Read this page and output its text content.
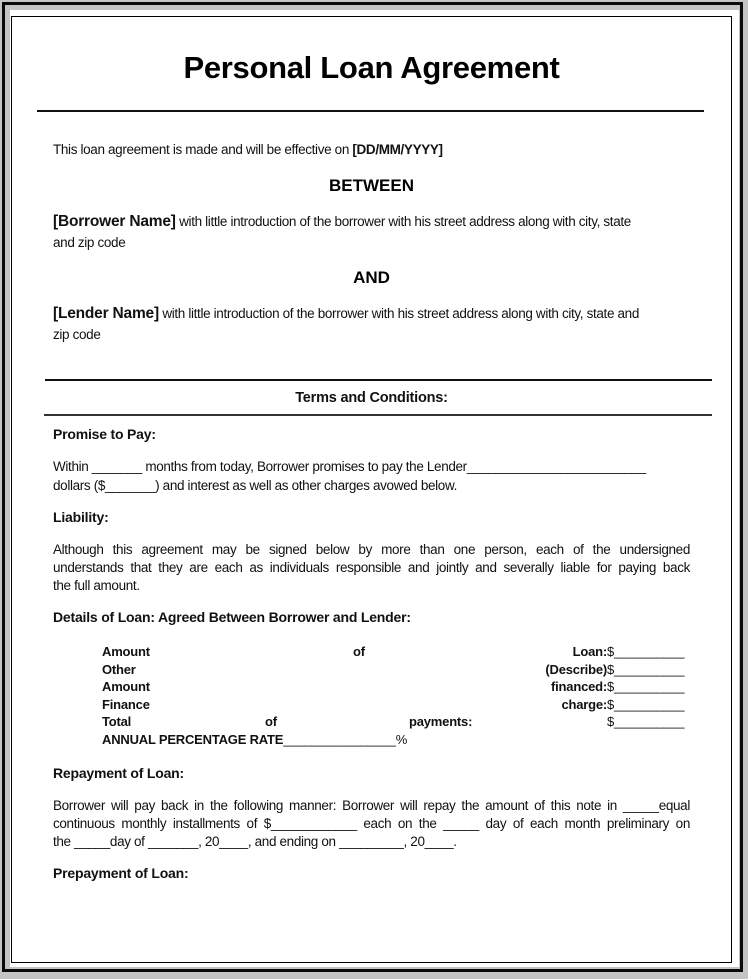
Personal Loan Agreement
This loan agreement is made and will be effective on [DD/MM/YYYY]
BETWEEN
[Borrower Name] with little introduction of the borrower with his street address along with city, state
and zip code
AND
[Lender Name] with little introduction of the borrower with his street address along with city, state and
zip code
Terms and Conditions:
Promise to Pay:
Within _______ months from today, Borrower promises to pay the Lender_________________________
dollars ($_______) and interest as well as other charges avowed below.
Liability:
Although this agreement may be signed below by more than one person, each of the undersigned
understands that they are each as individuals responsible and jointly and severally liable for paying back
the full amount.
Details of Loan: Agreed Between Borrower and Lender:
Amount	of	Loan: $__________
Other	(Describe) $__________
Amount	financed: $__________
Finance	charge: $__________
Total	of	payments:	$__________
ANNUAL PERCENTAGE RATE________________%
Repayment of Loan:
Borrower will pay back in the following manner: Borrower will repay the amount of this note in _____equal
continuous monthly installments of $____________ each on the _____ day of each month preliminary on
the _____day of _______, 20____, and ending on _________, 20____.
Prepayment of Loan:
